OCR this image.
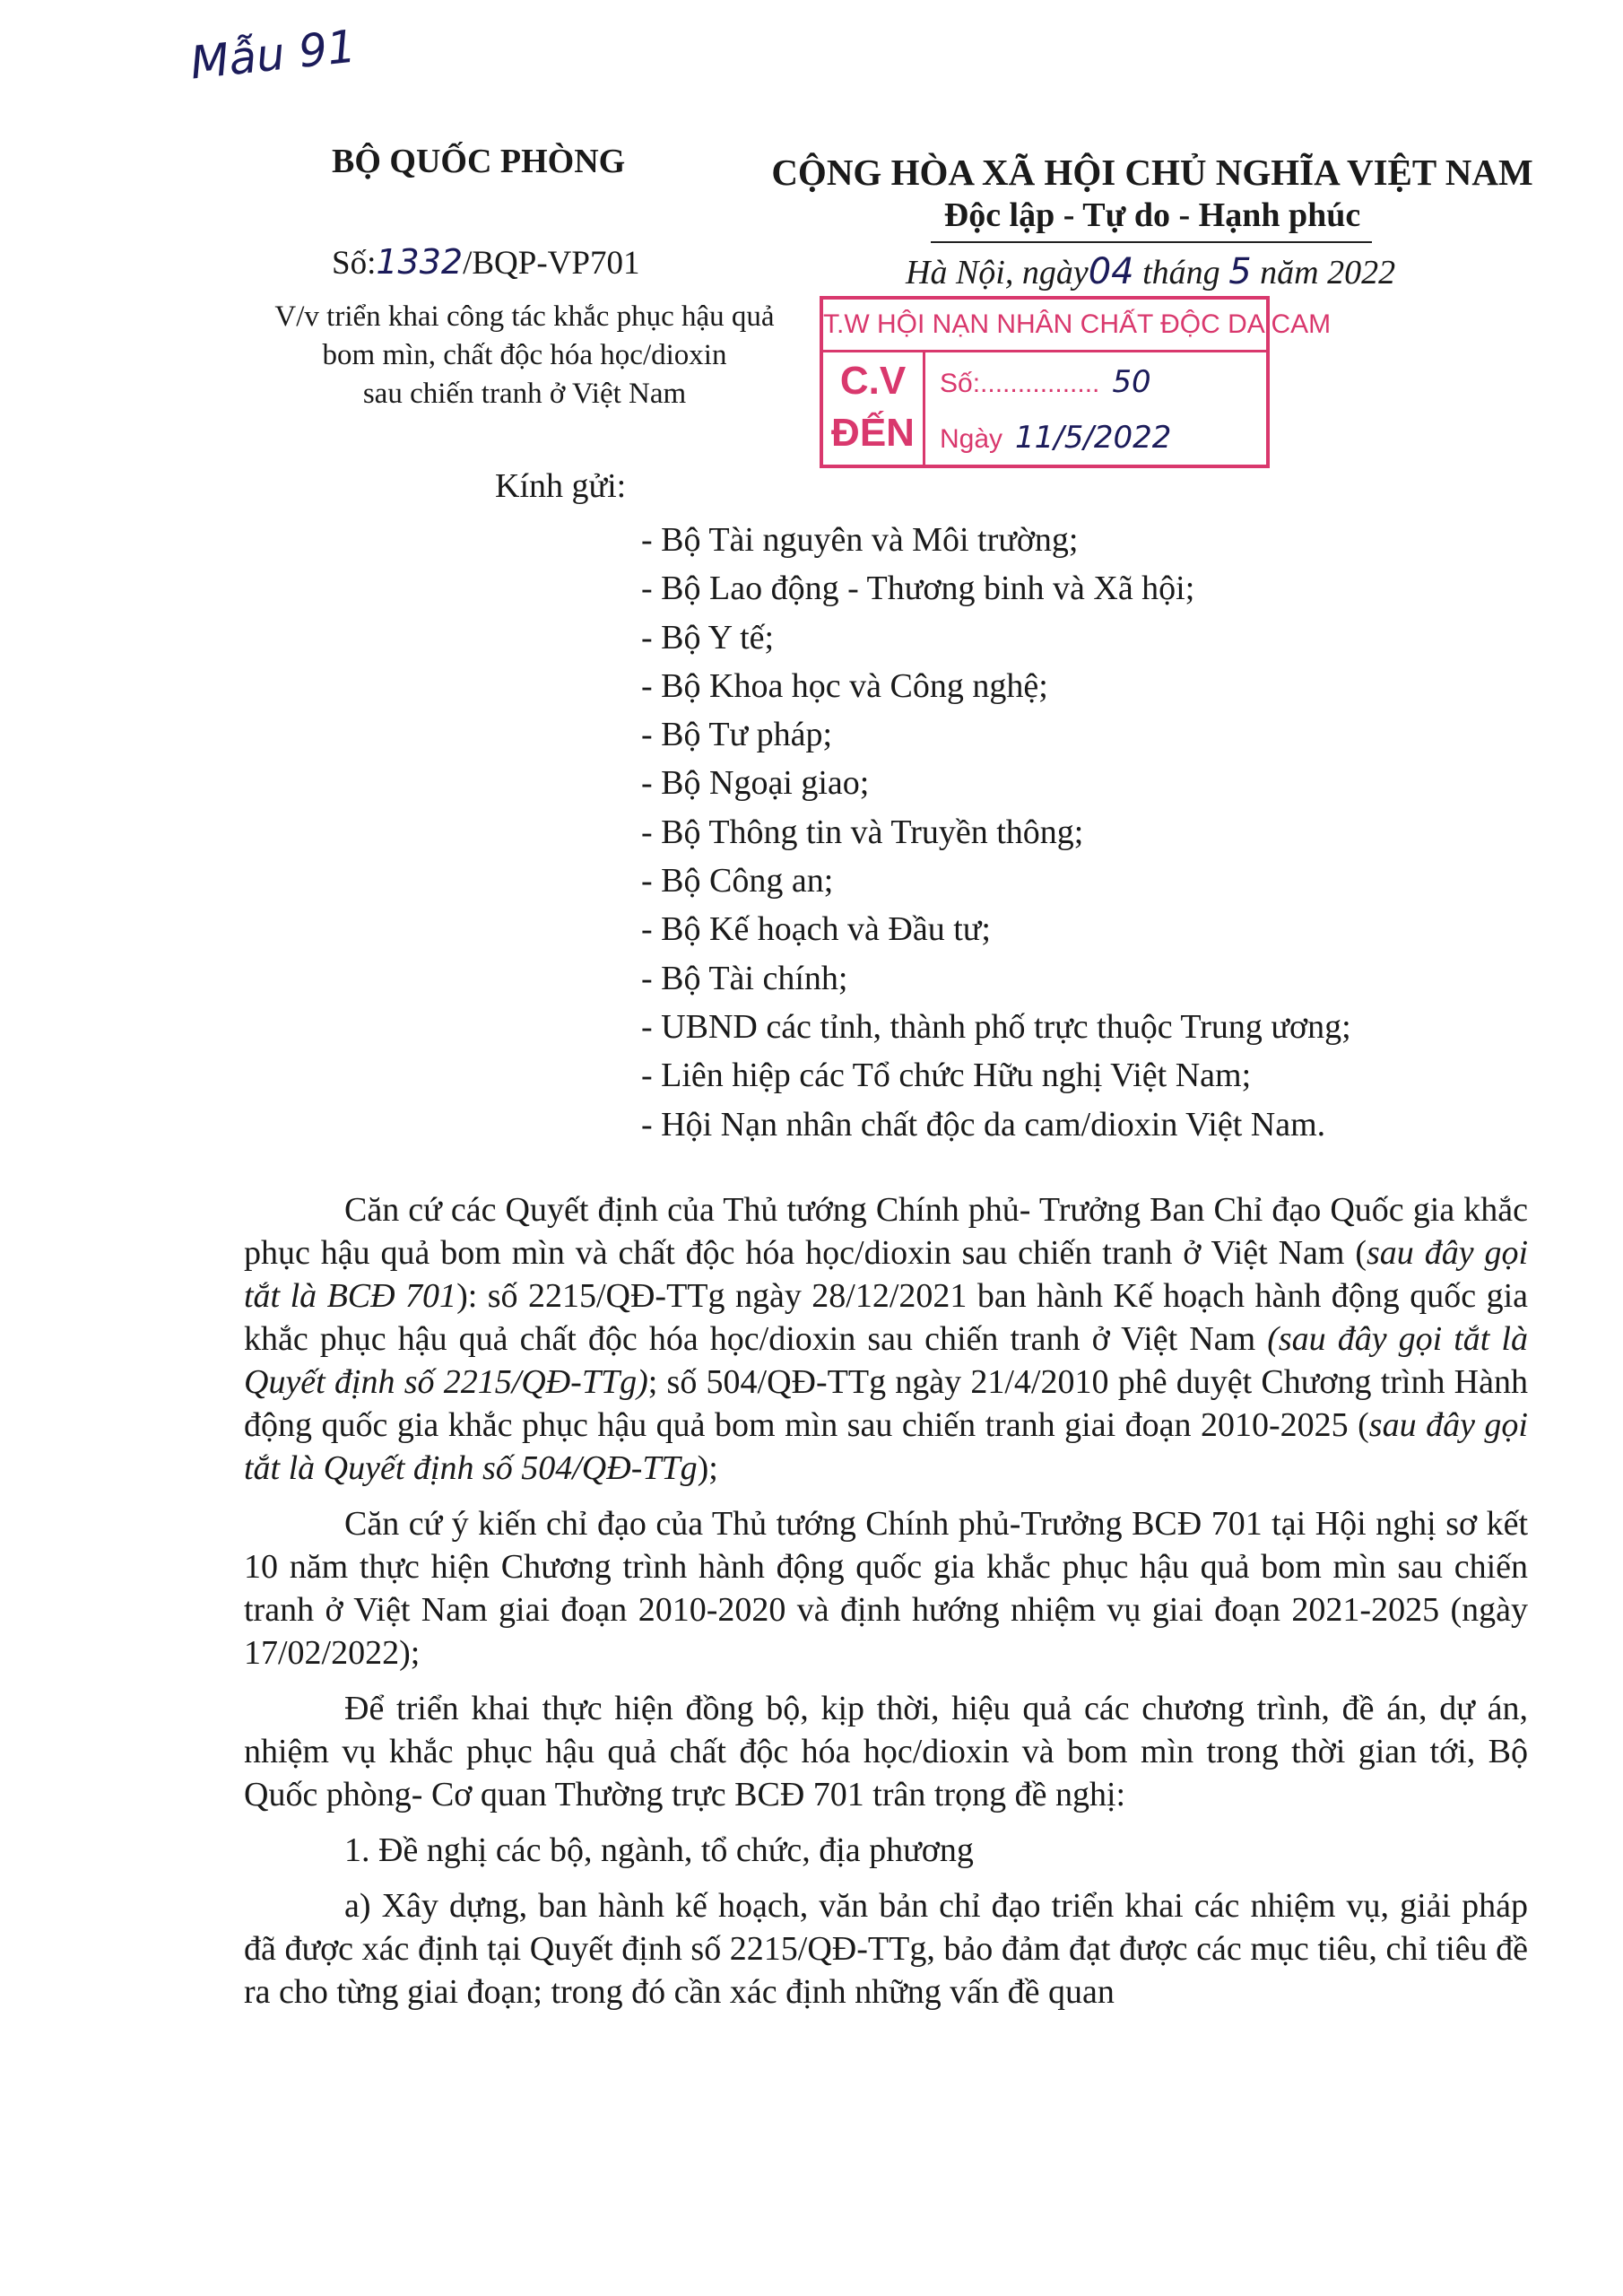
Mẫu 91
BỘ QUỐC PHÒNG
Số:1332/BQP-VP701
V/v triển khai công tác khắc phục hậu quả
bom mìn, chất độc hóa học/dioxin
sau chiến tranh ở Việt Nam
CỘNG HÒA XÃ HỘI CHỦ NGHĨA VIỆT NAM
Độc lập - Tự do - Hạnh phúc
Hà Nội, ngày04 tháng 5 năm 2022
T.W HỘI NẠN NHÂN CHẤT ĐỘC DA CAM
C.V
ĐẾN
Số:................ 50
Ngày 11/5/2022
Kính gửi:
- Bộ Tài nguyên và Môi trường;
- Bộ Lao động - Thương binh và Xã hội;
- Bộ Y tế;
- Bộ Khoa học và Công nghệ;
- Bộ Tư pháp;
- Bộ Ngoại giao;
- Bộ Thông tin và Truyền thông;
- Bộ Công an;
- Bộ Kế hoạch và Đầu tư;
- Bộ Tài chính;
- UBND các tỉnh, thành phố trực thuộc Trung ương;
- Liên hiệp các Tổ chức Hữu nghị Việt Nam;
- Hội Nạn nhân chất độc da cam/dioxin Việt Nam.

Căn cứ các Quyết định của Thủ tướng Chính phủ- Trưởng Ban Chỉ đạo Quốc gia khắc phục hậu quả bom mìn và chất độc hóa học/dioxin sau chiến tranh ở Việt Nam (sau đây gọi tắt là BCĐ 701): số 2215/QĐ-TTg ngày 28/12/2021 ban hành Kế hoạch hành động quốc gia khắc phục hậu quả chất độc hóa học/dioxin sau chiến tranh ở Việt Nam (sau đây gọi tắt là Quyết định số 2215/QĐ-TTg); số 504/QĐ-TTg ngày 21/4/2010 phê duyệt Chương trình Hành động quốc gia khắc phục hậu quả bom mìn sau chiến tranh giai đoạn 2010-2025 (sau đây gọi tắt là Quyết định số 504/QĐ-TTg);

Căn cứ ý kiến chỉ đạo của Thủ tướng Chính phủ-Trưởng BCĐ 701 tại Hội nghị sơ kết 10 năm thực hiện Chương trình hành động quốc gia khắc phục hậu quả bom mìn sau chiến tranh ở Việt Nam giai đoạn 2010-2020 và định hướng nhiệm vụ giai đoạn 2021-2025 (ngày 17/02/2022);

Để triển khai thực hiện đồng bộ, kịp thời, hiệu quả các chương trình, đề án, dự án, nhiệm vụ khắc phục hậu quả chất độc hóa học/dioxin và bom mìn trong thời gian tới, Bộ Quốc phòng- Cơ quan Thường trực BCĐ 701 trân trọng đề nghị:

1. Đề nghị các bộ, ngành, tổ chức, địa phương

a) Xây dựng, ban hành kế hoạch, văn bản chỉ đạo triển khai các nhiệm vụ, giải pháp đã được xác định tại Quyết định số 2215/QĐ-TTg, bảo đảm đạt được các mục tiêu, chỉ tiêu đề ra cho từng giai đoạn; trong đó cần xác định những vấn đề quan
